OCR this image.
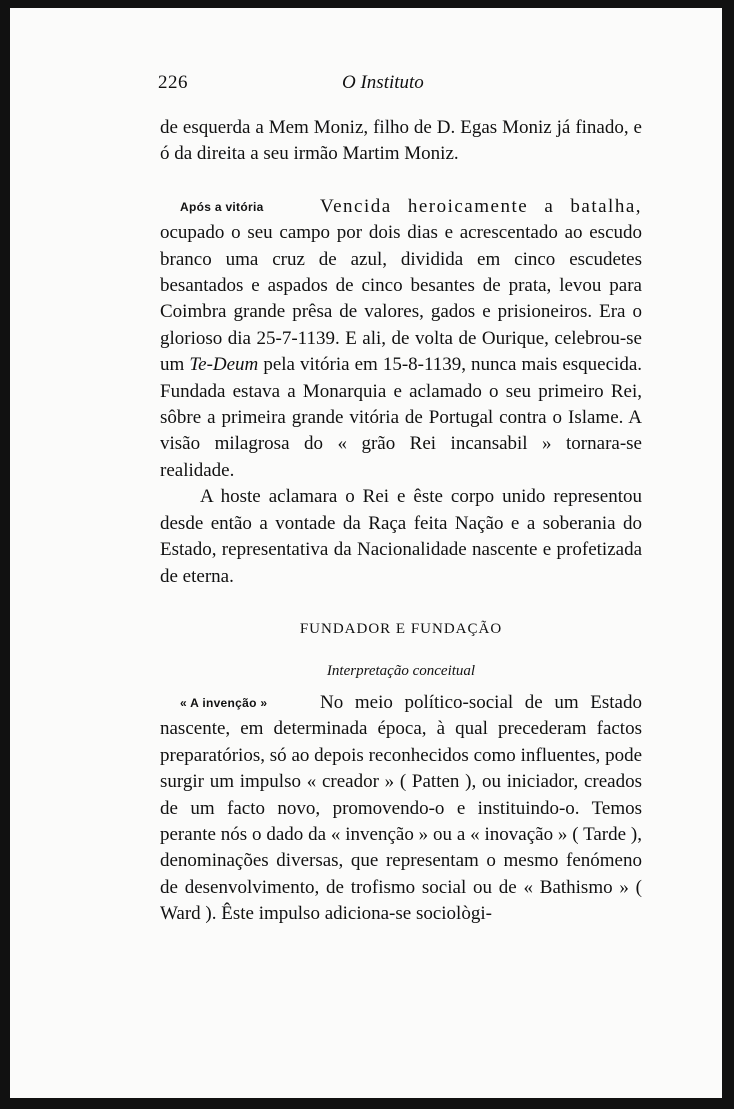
226	O Instituto

de esquerda a Mem Moniz, filho de D. Egas Moniz já finado, e ó da direita a seu irmão Martim Moniz.

Após a vitória	Vencida heroicamente a batalha, ocupado o seu campo por dois dias e acrescentado ao escudo branco uma cruz de azul, dividida em cinco escudetes besantados e aspados de cinco besantes de prata, levou para Coimbra grande prêsa de valores, gados e prisioneiros. Era o glorioso dia 25-7-1139. E ali, de volta de Ourique, celebrou-se um Te-Deum pela vitória em 15-8-1139, nunca mais esquecida. Fundada estava a Monarquia e aclamado o seu primeiro Rei, sôbre a primeira grande vitória de Portugal contra o Islame. A visão milagrosa do « grão Rei incansabil » tornara-se realidade.

A hoste aclamara o Rei e êste corpo unido representou desde então a vontade da Raça feita Nação e a soberania do Estado, representativa da Nacionalidade nascente e profetizada de eterna.

FUNDADOR E FUNDAÇÃO
Interpretação conceitual

« A invenção »	No meio político-social de um Estado nascente, em determinada época, à qual precederam factos preparatórios, só ao depois reconhecidos como influentes, pode surgir um impulso « creador » ( Patten ), ou iniciador, creados de um facto novo, promovendo-o e instituindo-o. Temos perante nós o dado da « invenção » ou a « inovação » ( Tarde ), denominações diversas, que representam o mesmo fenómeno de desenvolvimento, de trofismo social ou de « Bathismo » ( Ward ). Êste impulso adiciona-se sociològi-
